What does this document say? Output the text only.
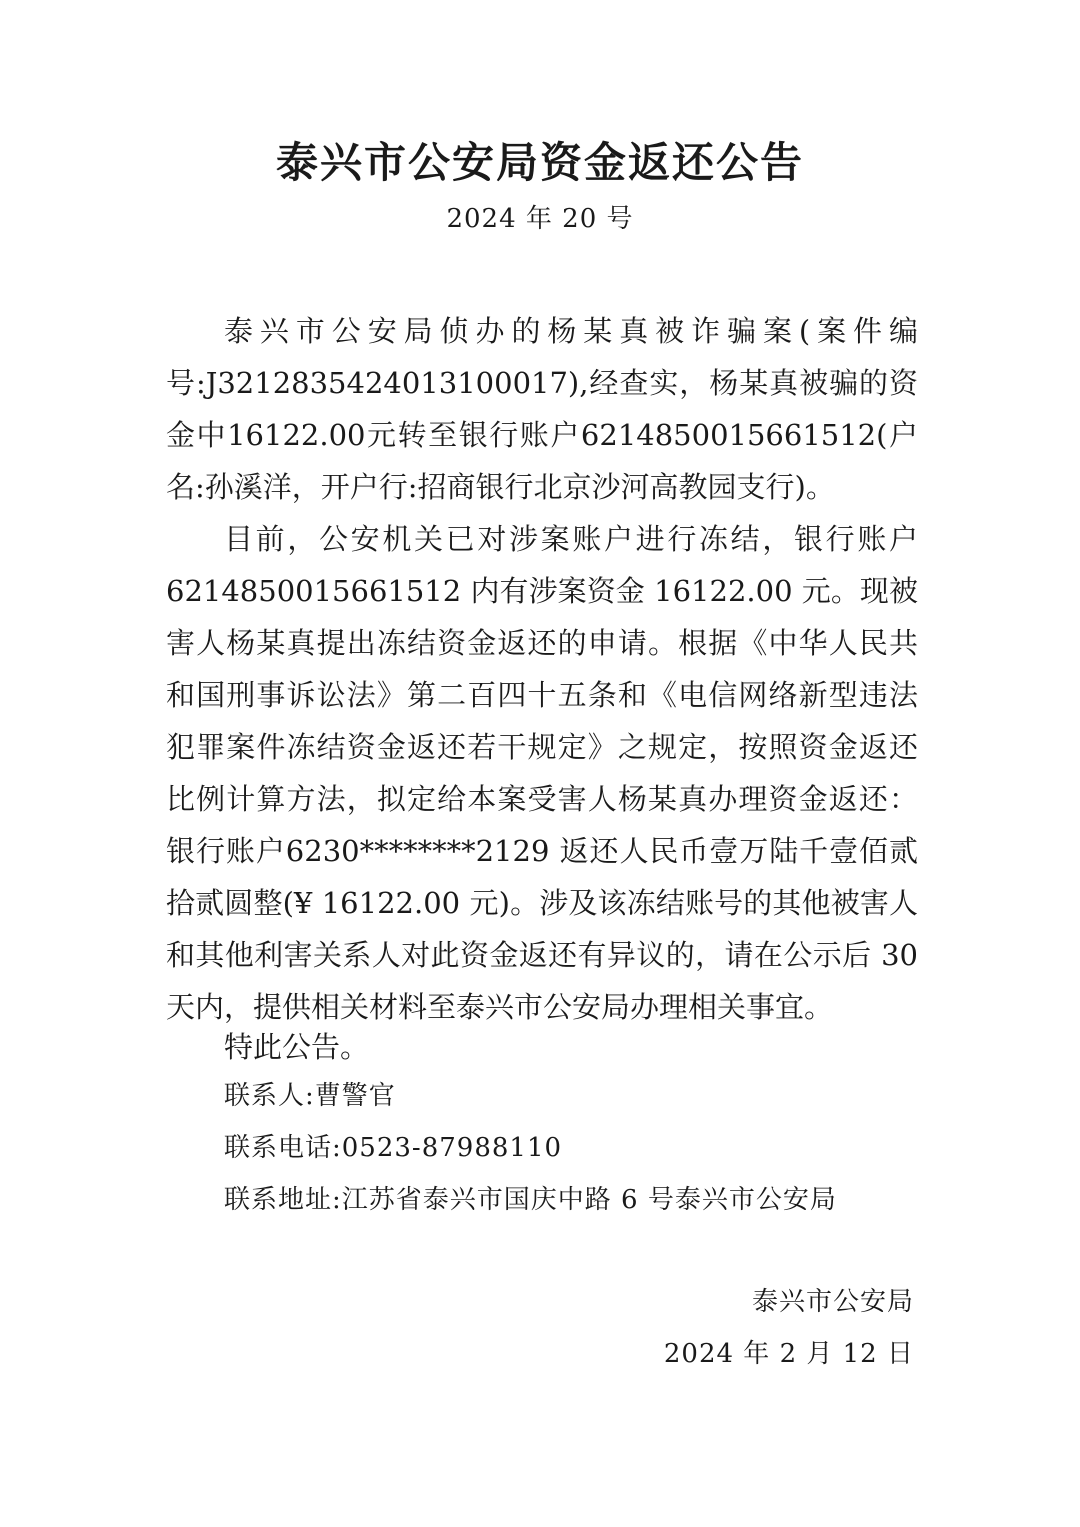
泰兴市公安局资金返还公告
2024 年 20 号

泰兴市公安局侦办的杨某真被诈骗案(案件编号:J3212835424013100017),经查实，杨某真被骗的资金中16122.00元转至银行账户6214850015661512(户名:孙溪洋，开户行:招商银行北京沙河高教园支行)。

目前，公安机关已对涉案账户进行冻结，银行账户6214850015661512 内有涉案资金 16122.00 元。现被害人杨某真提出冻结资金返还的申请。根据《中华人民共和国刑事诉讼法》第二百四十五条和《电信网络新型违法犯罪案件冻结资金返还若干规定》之规定，按照资金返还比例计算方法，拟定给本案受害人杨某真办理资金返还：银行账户6230********2129 返还人民币壹万陆千壹佰贰拾贰圆整(¥ 16122.00 元)。涉及该冻结账号的其他被害人和其他利害关系人对此资金返还有异议的，请在公示后 30 天内，提供相关材料至泰兴市公安局办理相关事宜。

特此公告。
联系人:曹警官
联系电话:0523-87988110
联系地址:江苏省泰兴市国庆中路 6 号泰兴市公安局
泰兴市公安局
2024 年 2 月 12 日
